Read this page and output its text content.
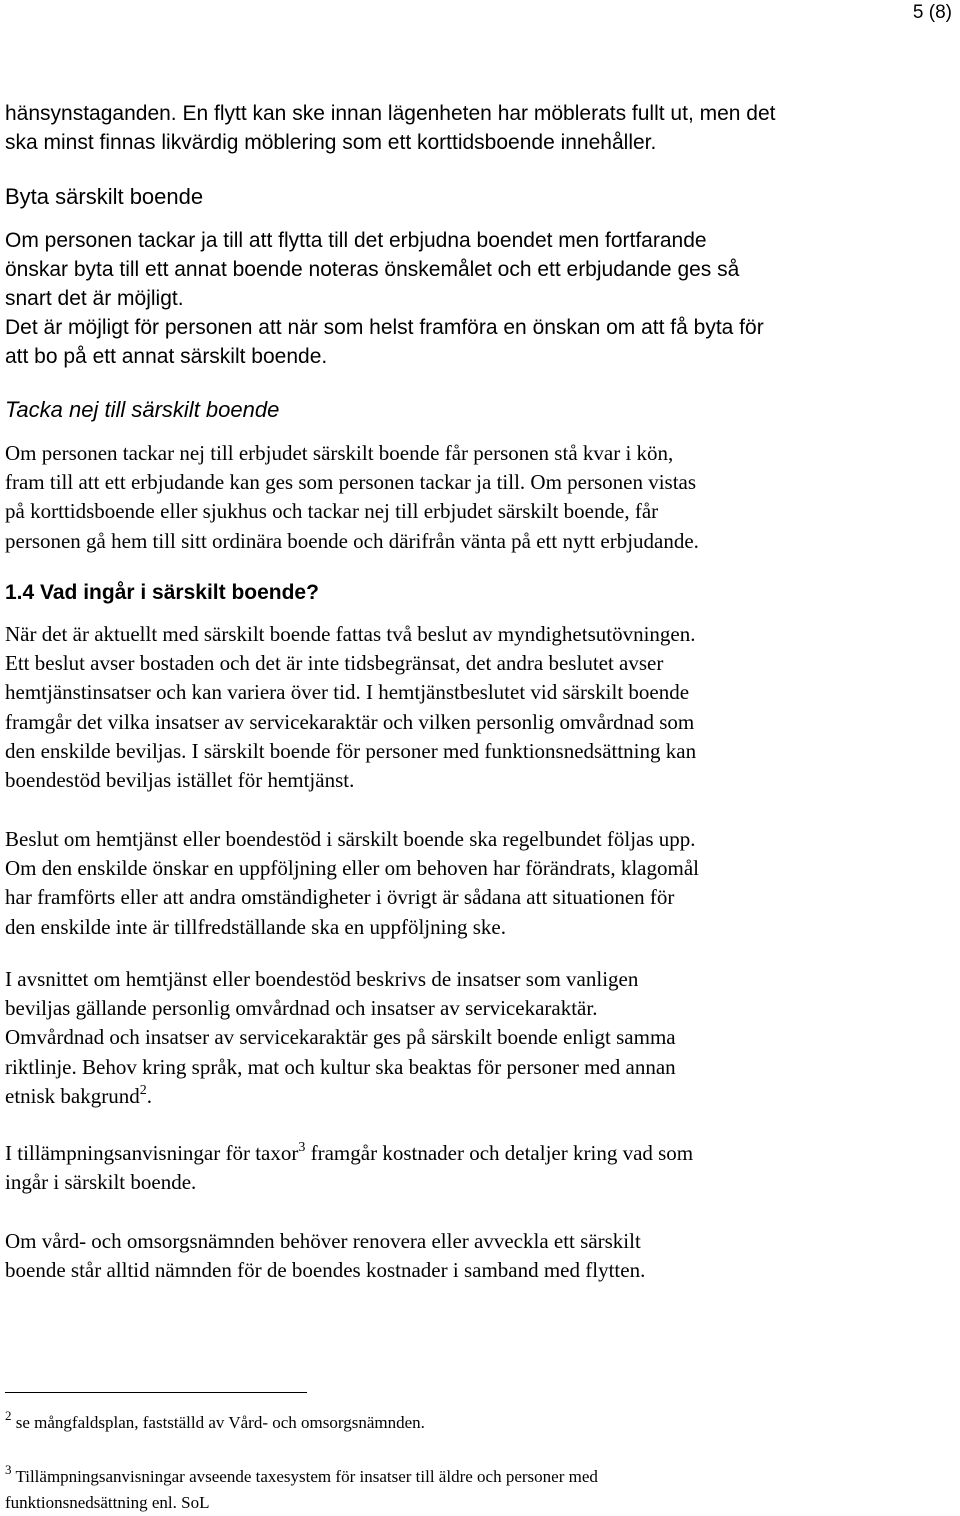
5 (8)

hänsynstaganden. En flytt kan ske innan lägenheten har möblerats fullt ut, men det
ska minst finnas likvärdig möblering som ett korttidsboende innehåller.

Byta särskilt boende

Om personen tackar ja till att flytta till det erbjudna boendet men fortfarande
önskar byta till ett annat boende noteras önskemålet och ett erbjudande ges så
snart det är möjligt.

Det är möjligt för personen att när som helst framföra en önskan om att få byta för
att bo på ett annat särskilt boende.

Tacka nej till särskilt boende

Om personen tackar nej till erbjudet särskilt boende får personen stå kvar i kön,
fram till att ett erbjudande kan ges som personen tackar ja till. Om personen vistas
på korttidsboende eller sjukhus och tackar nej till erbjudet särskilt boende, får
personen gå hem till sitt ordinära boende och därifrån vänta på ett nytt erbjudande.

1.4 Vad ingår i särskilt boende?

När det är aktuellt med särskilt boende fattas två beslut av myndighetsutövningen.
Ett beslut avser bostaden och det är inte tidsbegränsat, det andra beslutet avser
hemtjänstinsatser och kan variera över tid. I hemtjänstbeslutet vid särskilt boende
framgår det vilka insatser av servicekaraktär och vilken personlig omvårdnad som
den enskilde beviljas. I särskilt boende för personer med funktionsnedsättning kan
boendestöd beviljas istället för hemtjänst.

Beslut om hemtjänst eller boendestöd i särskilt boende ska regelbundet följas upp.
Om den enskilde önskar en uppföljning eller om behoven har förändrats, klagomål
har framförts eller att andra omständigheter i övrigt är sådana att situationen för
den enskilde inte är tillfredställande ska en uppföljning ske.

I avsnittet om hemtjänst eller boendestöd beskrivs de insatser som vanligen
beviljas gällande personlig omvårdnad och insatser av servicekaraktär.
Omvårdnad och insatser av servicekaraktär ges på särskilt boende enligt samma
riktlinje. Behov kring språk, mat och kultur ska beaktas för personer med annan
etnisk bakgrund$^2$.

I tillämpningsanvisningar för taxor$^3$ framgår kostnader och detaljer kring vad som
ingår i särskilt boende.

Om vård- och omsorgsnämnden behöver renovera eller avveckla ett särskilt
boende står alltid nämnden för de boendes kostnader i samband med flytten.

$^2$ se mångfaldsplan, fastställd av Vård- och omsorgsnämnden.
$^3$ Tillämpningsanvisningar avseende taxesystem för insatser till äldre och personer med
funktionsnedsättning enl. SoL
